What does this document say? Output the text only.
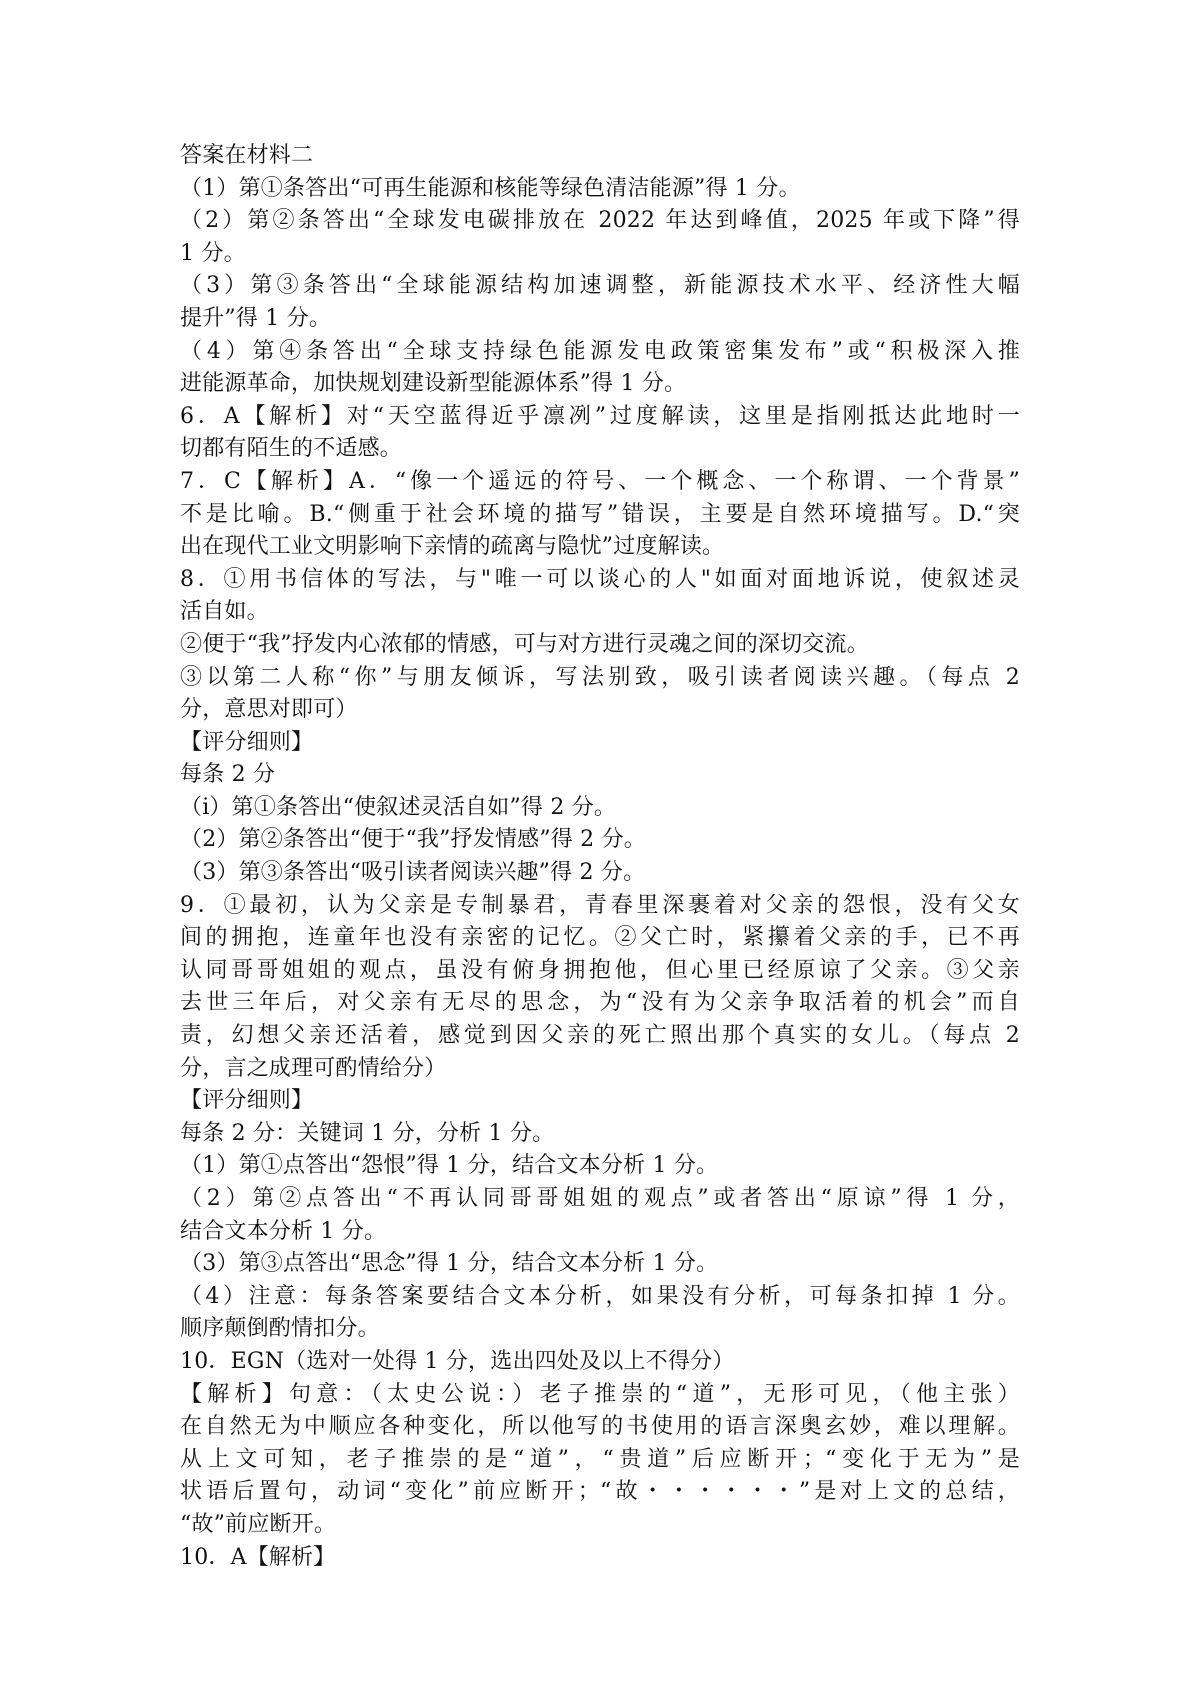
答案在材料二
（1）第①条答出“可再生能源和核能等绿色清洁能源”得 1 分。
（2）第②条答出“全球发电碳排放在 2022 年达到峰值，2025 年或下降”得
1 分。
（3）第③条答出“全球能源结构加速调整，新能源技术水平、经济性大幅
提升”得 1 分。
（4）第④条答出“全球支持绿色能源发电政策密集发布”或“积极深入推
进能源革命，加快规划建设新型能源体系”得 1 分。
6．A【解析】对“天空蓝得近乎凛冽”过度解读，这里是指刚抵达此地时一
切都有陌生的不适感。
7．C【解析】A．“像一个遥远的符号、一个概念、一个称谓、一个背景”
不是比喻。B.“侧重于社会环境的描写”错误，主要是自然环境描写。D.“突
出在现代工业文明影响下亲情的疏离与隐忧”过度解读。
8．①用书信体的写法，与"唯一可以谈心的人"如面对面地诉说，使叙述灵
活自如。
②便于“我”抒发内心浓郁的情感，可与对方进行灵魂之间的深切交流。
③以第二人称“你”与朋友倾诉，写法别致，吸引读者阅读兴趣。（每点 2
分，意思对即可）
【评分细则】
每条 2 分
（i）第①条答出“使叙述灵活自如”得 2 分。
（2）第②条答出“便于“我”抒发情感”得 2 分。
（3）第③条答出“吸引读者阅读兴趣”得 2 分。
9．①最初，认为父亲是专制暴君，青春里深裹着对父亲的怨恨，没有父女
间的拥抱，连童年也没有亲密的记忆。②父亡时，紧攥着父亲的手，已不再
认同哥哥姐姐的观点，虽没有俯身拥抱他，但心里已经原谅了父亲。③父亲
去世三年后，对父亲有无尽的思念，为“没有为父亲争取活着的机会”而自
责，幻想父亲还活着，感觉到因父亲的死亡照出那个真实的女儿。（每点 2
分，言之成理可酌情给分）
【评分细则】
每条 2 分：关键词 1 分，分析 1 分。
（1）第①点答出“怨恨”得 1 分，结合文本分析 1 分。
（2）第②点答出“不再认同哥哥姐姐的观点”或者答出“原谅”得 1 分，
结合文本分析 1 分。
（3）第③点答出“思念”得 1 分，结合文本分析 1 分。
（4）注意：每条答案要结合文本分析，如果没有分析，可每条扣掉 1 分。
顺序颠倒酌情扣分。
10．EGN（选对一处得 1 分，选出四处及以上不得分）
【解析】句意：（太史公说：）老子推崇的“道”，无形可见，（他主张）
在自然无为中顺应各种变化，所以他写的书使用的语言深奥玄妙，难以理解。
从上文可知，老子推崇的是“道”，“贵道”后应断开；“变化于无为”是
状语后置句，动词“变化”前应断开；“故・・・・・・”是对上文的总结，
“故”前应断开。
10．A【解析】
